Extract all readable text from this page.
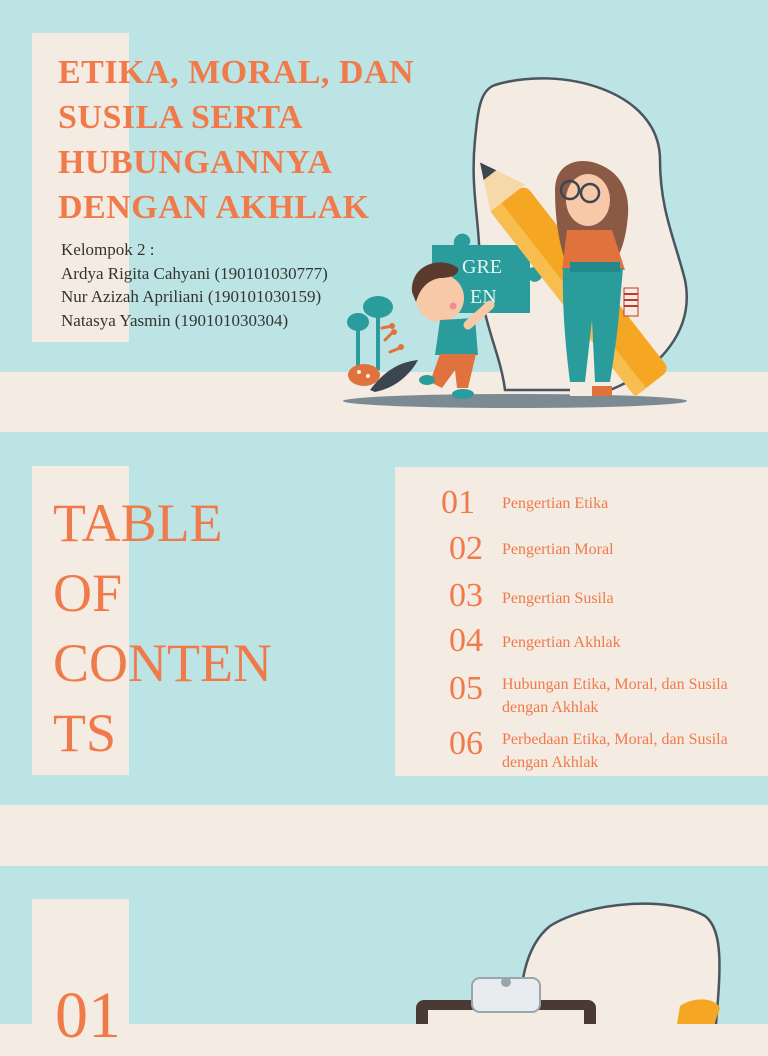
ETIKA, MORAL, DAN
SUSILA SERTA
HUBUNGANNYA
DENGAN AKHLAK
Kelompok 2 :
Ardya Rigita Cahyani (190101030777)
Nur Azizah Apriliani (190101030159)
Natasya Yasmin (190101030304)
GRE
EN
TABLE
OF
CONTEN
TS
01 Pengertian Etika
02 Pengertian Moral
03 Pengertian Susila
04 Pengertian Akhlak
05 Hubungan Etika, Moral, dan Susila dengan Akhlak
06 Perbedaan Etika, Moral, dan Susila dengan Akhlak
01
